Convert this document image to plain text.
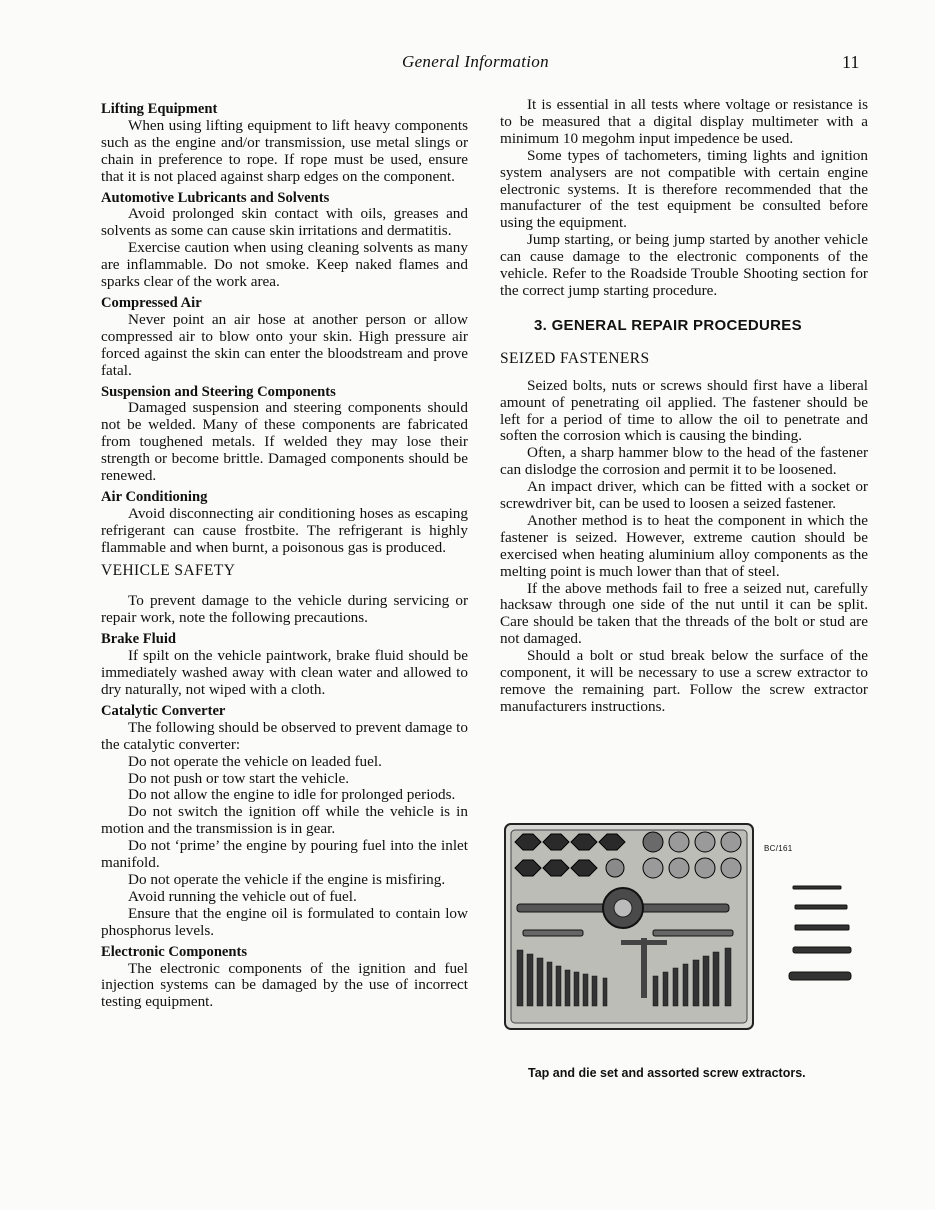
General Information	11

Lifting Equipment

When using lifting equipment to lift heavy components such as the engine and/or transmission, use metal slings or chain in preference to rope. If rope must be used, ensure that it is not placed against sharp edges on the component.

Automotive Lubricants and Solvents

Avoid prolonged skin contact with oils, greases and solvents as some can cause skin irritations and dermatitis.

Exercise caution when using cleaning solvents as many are inflammable. Do not smoke. Keep naked flames and sparks clear of the work area.

Compressed Air

Never point an air hose at another person or allow compressed air to blow onto your skin. High pressure air forced against the skin can enter the bloodstream and prove fatal.

Suspension and Steering Components

Damaged suspension and steering components should not be welded. Many of these components are fabricated from toughened metals. If welded they may lose their strength or become brittle. Damaged components should be renewed.

Air Conditioning

Avoid disconnecting air conditioning hoses as escaping refrigerant can cause frostbite. The refrigerant is highly flammable and when burnt, a poisonous gas is produced.

VEHICLE SAFETY

To prevent damage to the vehicle during servicing or repair work, note the following precautions.

Brake Fluid

If spilt on the vehicle paintwork, brake fluid should be immediately washed away with clean water and allowed to dry naturally, not wiped with a cloth.

Catalytic Converter

The following should be observed to prevent damage to the catalytic converter:

Do not operate the vehicle on leaded fuel.

Do not push or tow start the vehicle.

Do not allow the engine to idle for prolonged periods.

Do not switch the ignition off while the vehicle is in motion and the transmission is in gear.

Do not ‘prime’ the engine by pouring fuel into the inlet manifold.

Do not operate the vehicle if the engine is misfiring.

Avoid running the vehicle out of fuel.

Ensure that the engine oil is formulated to contain low phosphorus levels.

Electronic Components

The electronic components of the ignition and fuel injection systems can be damaged by the use of incorrect testing equipment.

It is essential in all tests where voltage or resistance is to be measured that a digital display multimeter with a minimum 10 megohm input impedence be used.

Some types of tachometers, timing lights and ignition system analysers are not compatible with certain engine electronic systems. It is therefore recommended that the manufacturer of the test equipment be consulted before using the equipment.

Jump starting, or being jump started by another vehicle can cause damage to the electronic components of the vehicle. Refer to the Roadside Trouble Shooting section for the correct jump starting procedure.

3. GENERAL REPAIR PROCEDURES

SEIZED FASTENERS

Seized bolts, nuts or screws should first have a liberal amount of penetrating oil applied. The fastener should be left for a period of time to allow the oil to penetrate and soften the corrosion which is causing the binding.

Often, a sharp hammer blow to the head of the fastener can dislodge the corrosion and permit it to be loosened.

An impact driver, which can be fitted with a socket or screwdriver bit, can be used to loosen a seized fastener.

Another method is to heat the component in which the fastener is seized. However, extreme caution should be exercised when heating aluminium alloy components as the melting point is much lower than that of steel.

If the above methods fail to free a seized nut, carefully hacksaw through one side of the nut until it can be split. Care should be taken that the threads of the bolt or stud are not damaged.

Should a bolt or stud break below the surface of the component, it will be necessary to use a screw extractor to remove the remaining part. Follow the screw extractor manufacturers instructions.

BC/161
Tap and die set and assorted screw extractors.
